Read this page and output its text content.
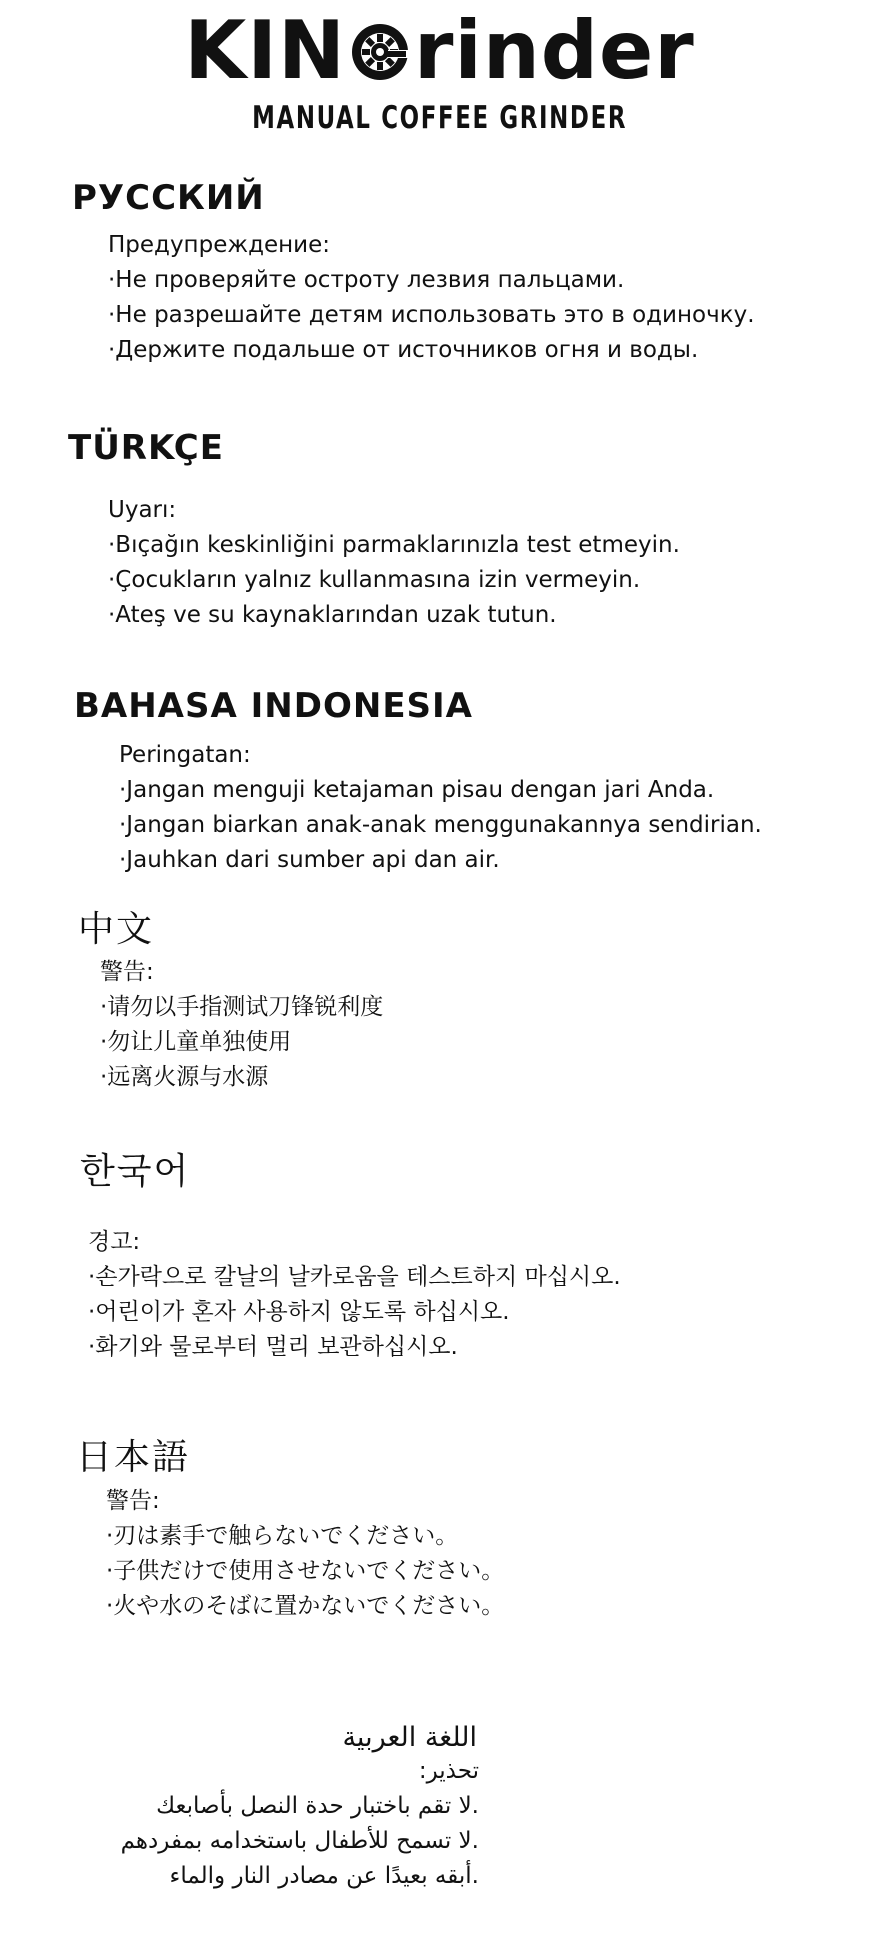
KIN rinder
MANUAL COFFEE GRINDER
РУССКИЙ
Предупреждение:
·Не проверяйте остроту лезвия пальцами.
·Не разрешайте детям использовать это в одиночку.
·Держите подальше от источников огня и воды.
TÜRKÇE
Uyarı:
·Bıçağın keskinliğini parmaklarınızla test etmeyin.
·Çocukların yalnız kullanmasına izin vermeyin.
·Ateş ve su kaynaklarından uzak tutun.
BAHASA INDONESIA
Peringatan:
·Jangan menguji ketajaman pisau dengan jari Anda.
·Jangan biarkan anak-anak menggunakannya sendirian.
·Jauhkan dari sumber api dan air.
中文
警告:
·请勿以手指测试刀锋锐利度
·勿让儿童单独使用
·远离火源与水源
한국어
경고:
·손가락으로 칼날의 날카로움을 테스트하지 마십시오.
·어린이가 혼자 사용하지 않도록 하십시오.
·화기와 물로부터 멀리 보관하십시오.
日本語
警告:
·刃は素手で触らないでください。
·子供だけで使用させないでください。
·火や水のそばに置かないでください。
اللغة العربية
تحذير:
.لا تقم باختبار حدة النصل بأصابعك
.لا تسمح للأطفال باستخدامه بمفردهم
.أبقه بعيدًا عن مصادر النار والماء
